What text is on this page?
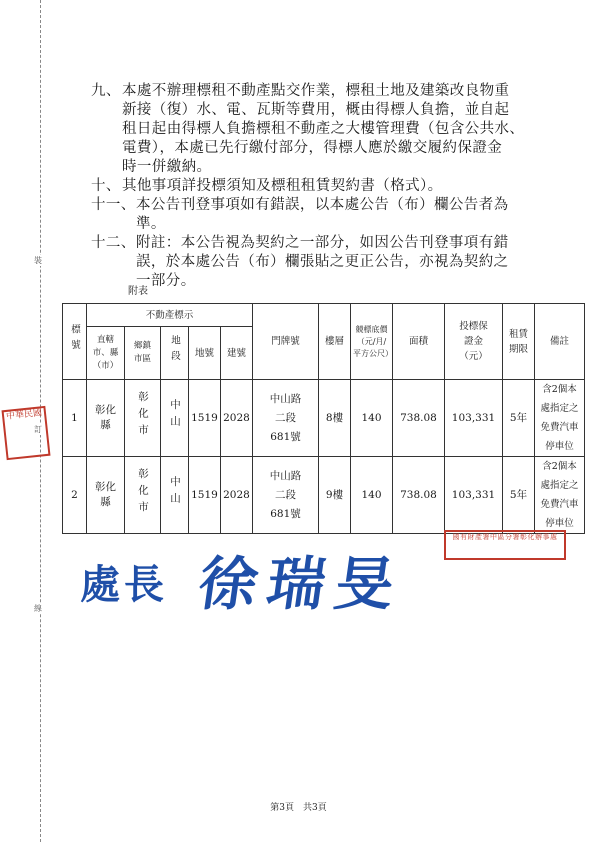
裝
訂
線
九、 本處不辦理標租不動產點交作業，標租土地及建築改良物重
新接（復）水、電、瓦斯等費用，概由得標人負擔，並自起
租日起由得標人負擔標租不動產之大樓管理費（包含公共水、
電費），本處已先行繳付部分，得標人應於繳交履約保證金
時一併繳納。
十、 其他事項詳投標須知及標租租賃契約書（格式）。
十一、 本公告刊登事項如有錯誤，以本處公告（布）欄公告者為
準。
十二、 附註：本公告視為契約之一部分，如因公告刊登事項有錯
誤，於本處公告（布）欄張貼之更正公告，亦視為契約之
一部分。
附表
標號	不動產標示					門牌號	樓層	競標底價（元/月/平方公尺）	面積	投標保證金（元）	租賃期限	備註
	直轄市、縣（市）	鄉鎮市區	地段	地號	建號							
1	彰化縣	彰化市	中山	1519	2028	中山路二段681號	8樓	140	738.08	103,331	5年	含2個本處指定之免費汽車停車位
2	彰化縣	彰化市	中山	1519	2028	中山路二段681號	9樓	140	738.08	103,331	5年	含2個本處指定之免費汽車停車位
中華民國
國有財產署中區分署彰化辦事處
處長 徐瑞旻
第3頁　共3頁
